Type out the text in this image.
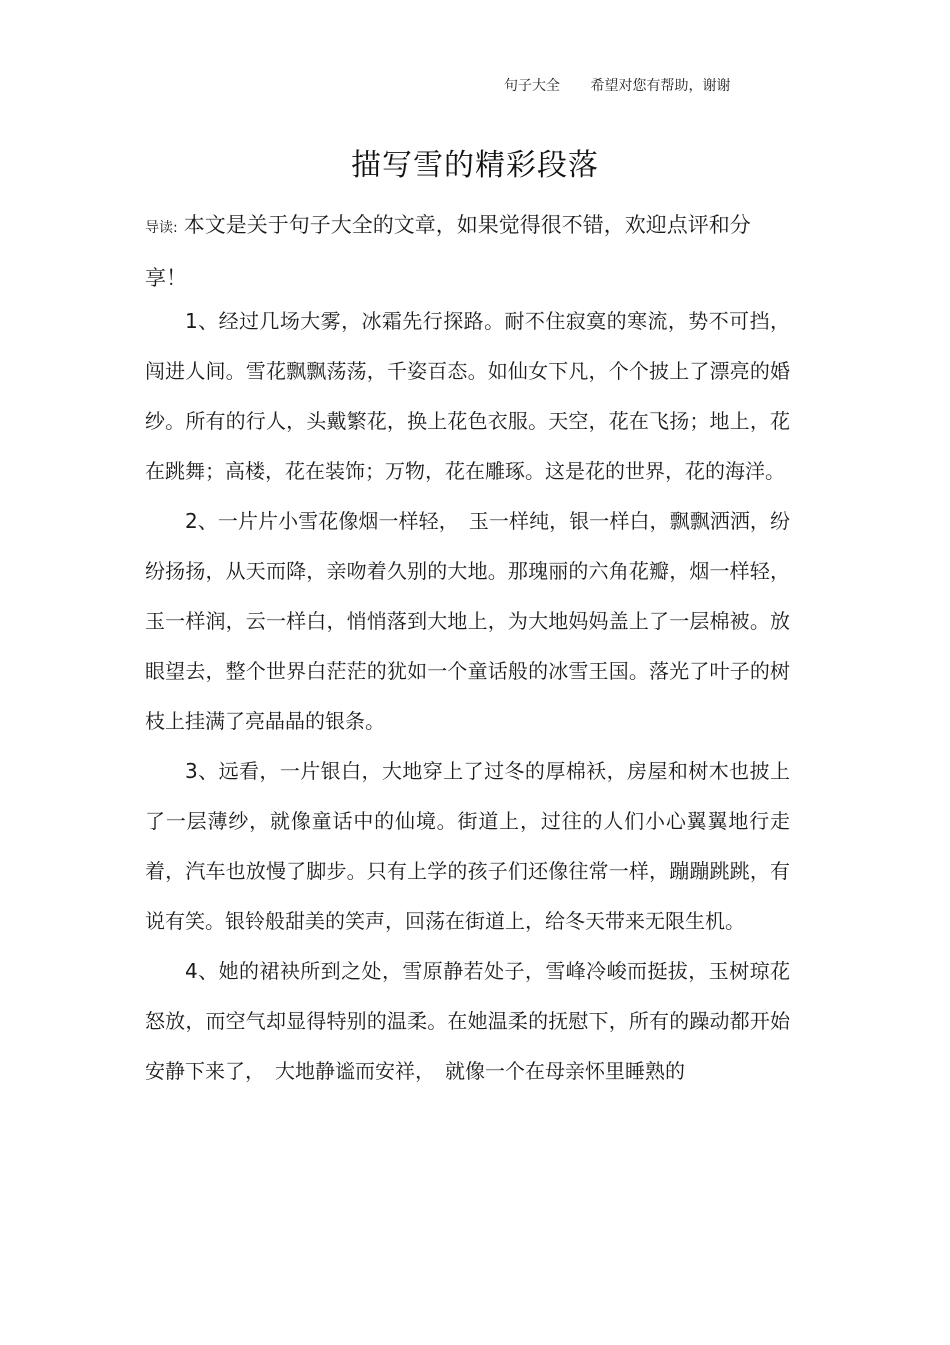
句子大全 希望对您有帮助，谢谢
描写雪的精彩段落
导读: 本文是关于句子大全的文章，如果觉得很不错，欢迎点评和分享！

1、经过几场大雾，冰霜先行探路。耐不住寂寞的寒流，势不可挡，闯进人间。雪花飘飘荡荡，千姿百态。如仙女下凡，个个披上了漂亮的婚纱。所有的行人，头戴繁花，换上花色衣服。天空，花在飞扬；地上，花在跳舞；高楼，花在装饰；万物，花在雕琢。这是花的世界，花的海洋。

2、一片片小雪花像烟一样轻，　玉一样纯，银一样白，飘飘洒洒，纷纷扬扬，从天而降，亲吻着久别的大地。那瑰丽的六角花瓣，烟一样轻，玉一样润，云一样白，悄悄落到大地上，为大地妈妈盖上了一层棉被。放眼望去，整个世界白茫茫的犹如一个童话般的冰雪王国。落光了叶子的树枝上挂满了亮晶晶的银条。

3、远看，一片银白，大地穿上了过冬的厚棉袄，房屋和树木也披上了一层薄纱，就像童话中的仙境。街道上，过往的人们小心翼翼地行走着，汽车也放慢了脚步。只有上学的孩子们还像往常一样，蹦蹦跳跳，有说有笑。银铃般甜美的笑声，回荡在街道上，给冬天带来无限生机。

4、她的裙袂所到之处，雪原静若处子，雪峰冷峻而挺拔，玉树琼花怒放，而空气却显得特别的温柔。在她温柔的抚慰下，所有的躁动都开始安静下来了，　大地静谧而安祥，　就像一个在母亲怀里睡熟的
